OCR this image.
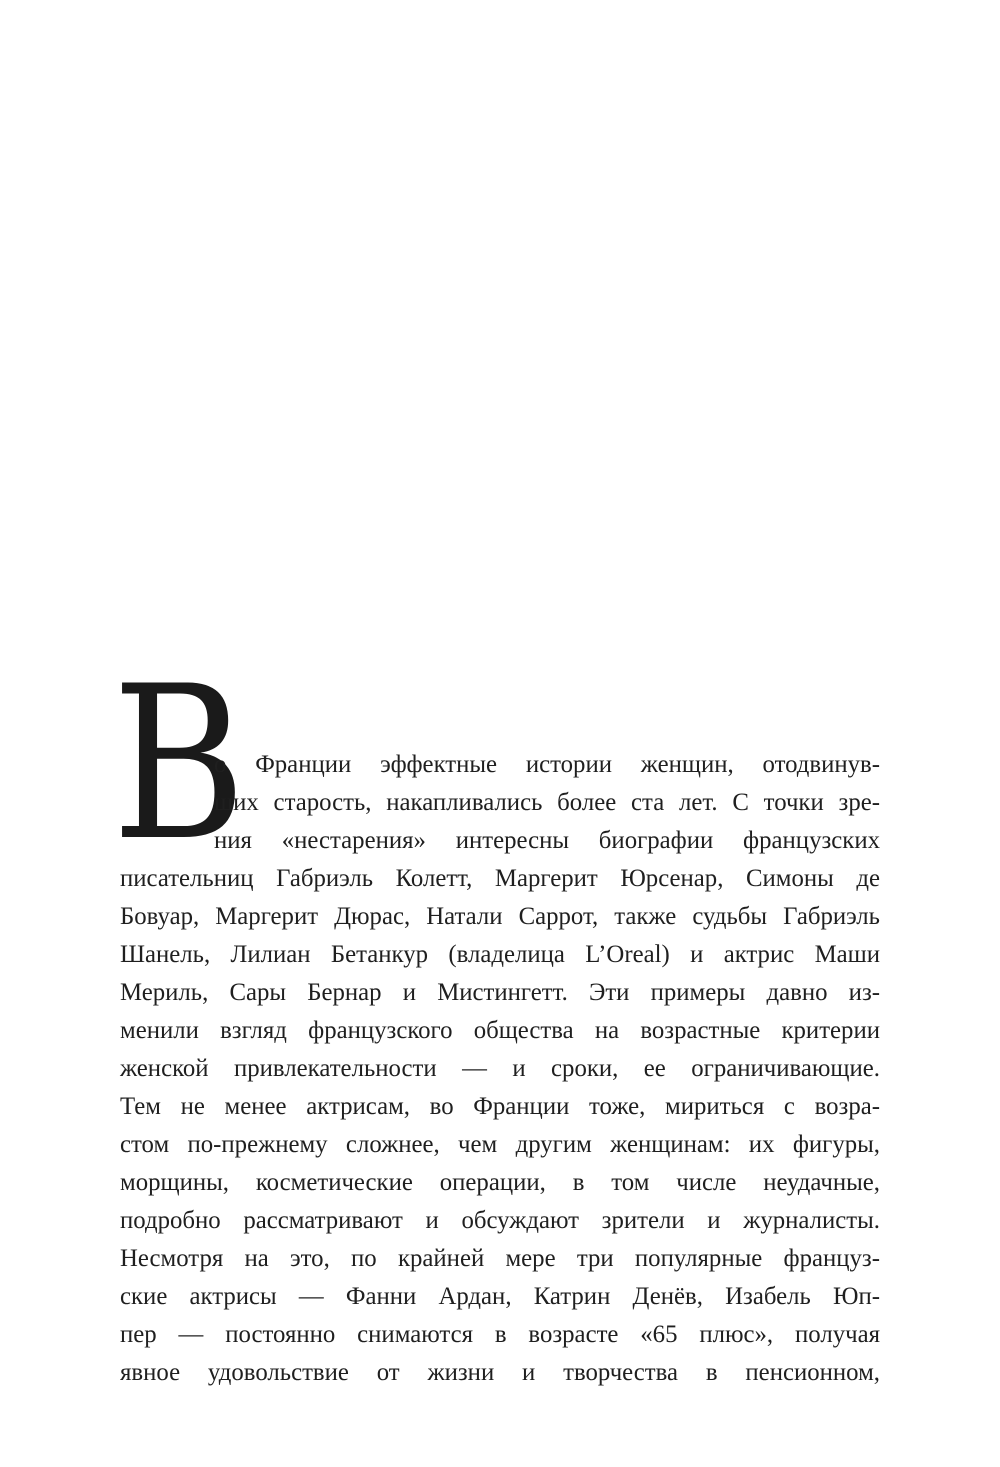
В
о Франции эффектные истории женщин, отодвинув-
ших старость, накапливались более ста лет. С точки зре-
ния «нестарения» интересны биографии французских
писательниц Габриэль Колетт, Маргерит Юрсенар, Симоны де
Бовуар, Маргерит Дюрас, Натали Саррот, также судьбы Габриэль
Шанель, Лилиан Бетанкур (владелица L’Oreal) и актрис Маши
Мериль, Сары Бернар и Мистингетт. Эти примеры давно из-
менили взгляд французского общества на возрастные критерии
женской привлекательности — и сроки, ее ограничивающие.
Тем не менее актрисам, во Франции тоже, мириться с возра-
стом по-прежнему сложнее, чем другим женщинам: их фигуры,
морщины, косметические операции, в том числе неудачные,
подробно рассматривают и обсуждают зрители и журналисты.
Несмотря на это, по крайней мере три популярные француз-
ские актрисы — Фанни Ардан, Катрин Денёв, Изабель Юп-
пер — постоянно снимаются в возрасте «65 плюс», получая
явное удовольствие от жизни и творчества в пенсионном,
